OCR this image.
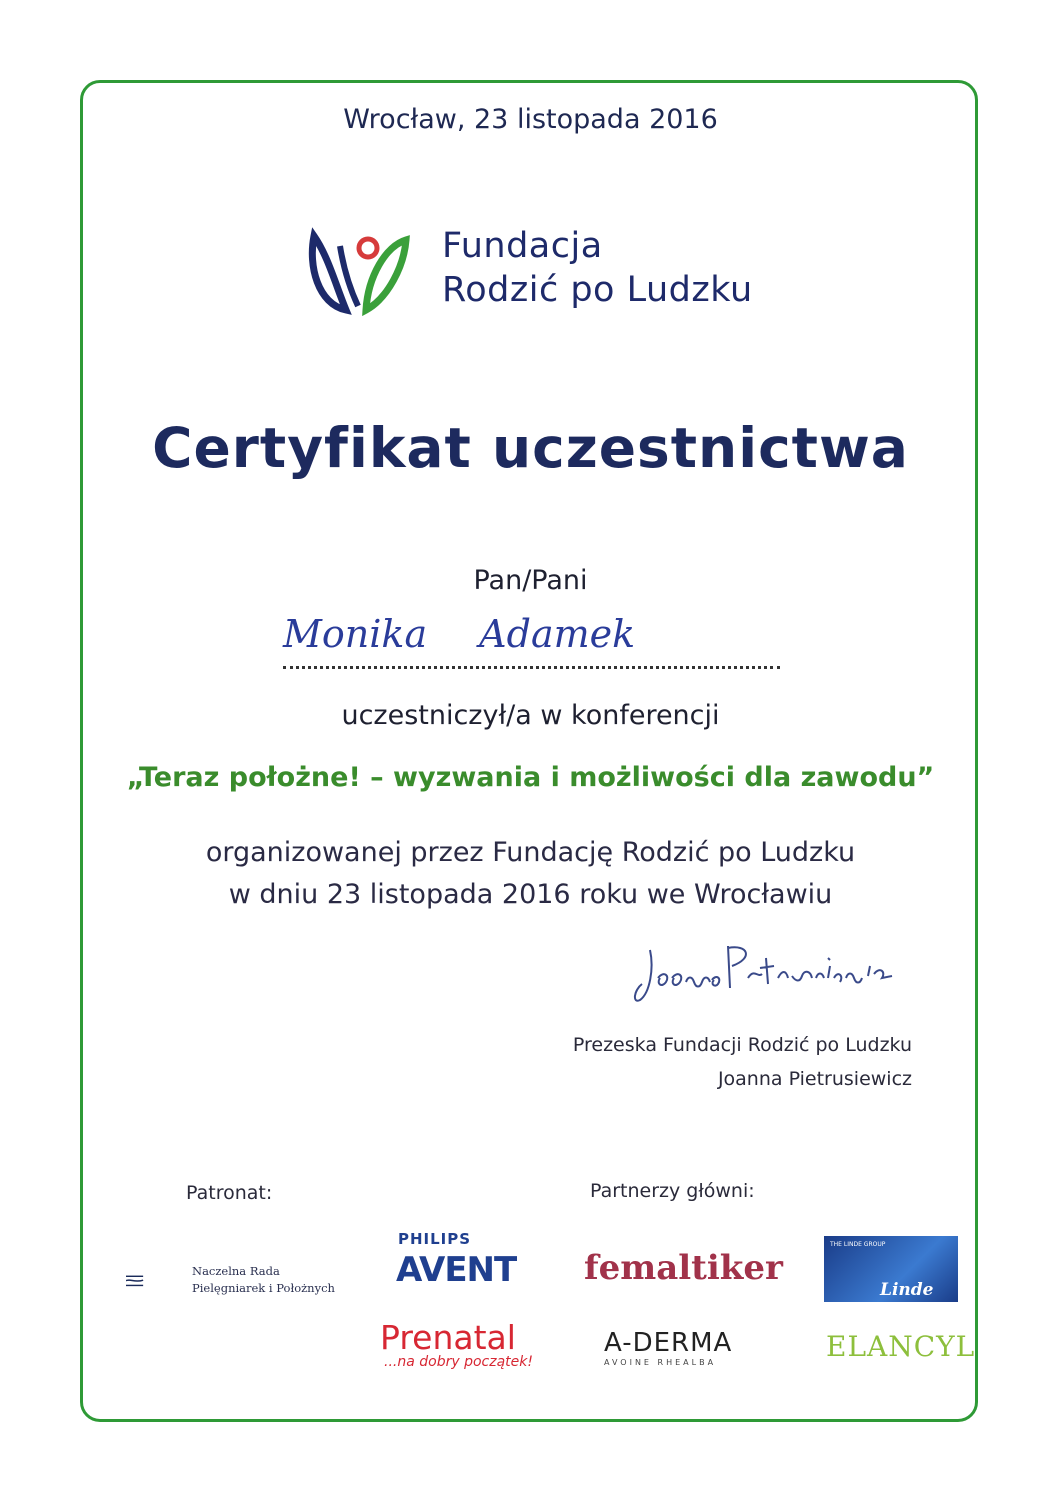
Wrocław, 23 listopada 2016
Fundacja
Rodzić po Ludzku
Certyfikat uczestnictwa
Pan/Pani
Monika Adamek
uczestniczył/a w konferencji
„Teraz położne! – wyzwania i możliwości dla zawodu”
organizowanej przez Fundację Rodzić po Ludzku
w dniu 23 listopada 2016 roku we Wrocławiu
Prezeska Fundacji Rodzić po Ludzku
Joanna Pietrusiewicz
Patronat:	Partnerzy główni:
Naczelna Rada
Pielęgniarek i Położnych
PHILIPS
AVENT femaltiker
THE LINDE GROUP
Linde
Prenatal
...na dobry początek!
A-DERMA
AVOINE RHEALBA	ELANCYL
